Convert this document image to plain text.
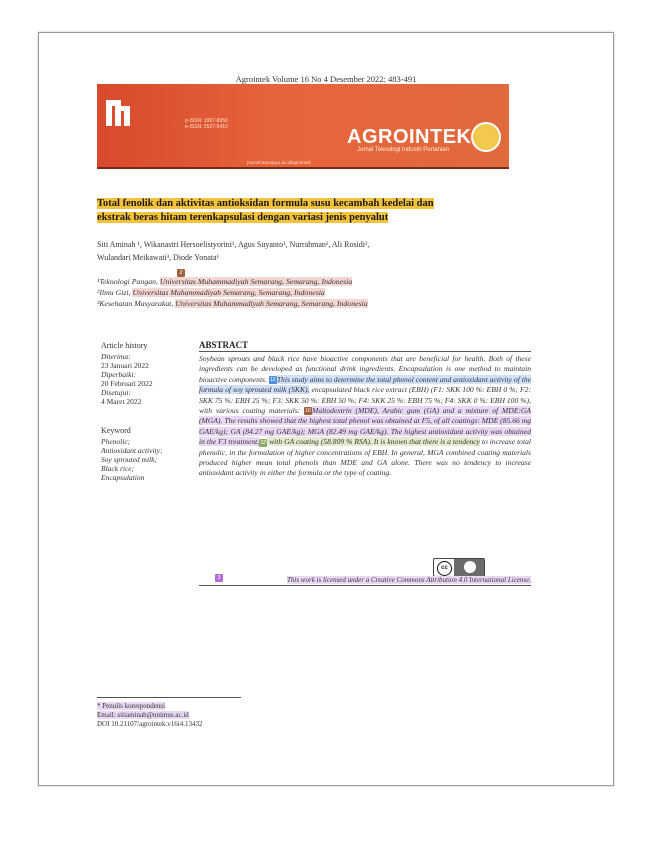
Agrointek Volume 16 No 4 Desember 2022: 483-491
p-ISSN: 1907-8056
e-ISSN: 2527-5410	AGROINTEK
Jurnal Teknologi Industri Pertanian
journal.trunojoyo.ac.id/agrointek
Total fenolik dan aktivitas antioksidan formula susu kecambah kedelai dan
ekstrak beras hitam terenkapsulasi dengan variasi jenis penyalut
Siti Aminah ¹, Wikanastri Hersoelistyorini¹, Agus Suyanto¹, Nurrahman¹, Ali Rosidi²,
Wulandari Meikawati³, Diode Yonata¹
2
¹Teknologi Pangan, Universitas Muhammadiyah Semarang, Semarang, Indonesia
²Ilmu Gizi, Universitas Muhammadiyah Semarang, Semarang, Indonesia
³Kesehatan Masyarakat, Universitas Muhammadiyah Semarang, Semarang, Indonesia
Article history
Diterima:
23 Januari 2022
Diperbaiki:
20 Februari 2022
Disetujui:
4 Maret 2022
Keyword
Phenolic;
Antioxidant activity;
Soy sprouted milk;
Black rice;
Encapsulation
ABSTRACT
Soybean sprouts and black rice have bioactive components that are beneficial for health. Both of these ingredients can be developed as functional drink ingredients. Encapsulation is one method to maintain bioactive components. 12This study aims to determine the total phenol content and antioxidant activity of the formula of soy sprouted milk (SKK), encapsulated black rice extract (EBH) (F1: SKK 100 %: EBH 0 %; F2: SKK 75 %: EBH 25 %; F3: SKK 50 %: EBH 50 %; F4: SKK 25 %: EBH 75 %; F4: SKK 0 %: EBH 100 %), with various coating materials: 16Maltodextrin (MDE), Arabic gum (GA) and a mixture of MDE:GA (MGA). The results showed that the highest total phenol was obtained at F5, of all coatings: MDE (85.66 mg GAE/kg); GA (84.27 mg GAE/kg); MGA (82.49 mg GAE/kg). The highest antioxidant activity was obtained in the F3 treatment,22 with GA coating (58.809 % RSA). It is known that there is a tendency to increase total phenolic, in the formulation of higher concentrations of EBH. In general, MGA combined coating materials produced higher mean total phenols than MDE and GA alone. There was no tendency to increase antioxidant activity in either the formula or the type of coating.
cc
3	This work is licensed under a Creative Commons Attribution 4.0 International License.
* Penulis korespondensi
Email: sitiaminah@unimus.ac.id
DOI 10.21107/agrointek.v16i4.13432
